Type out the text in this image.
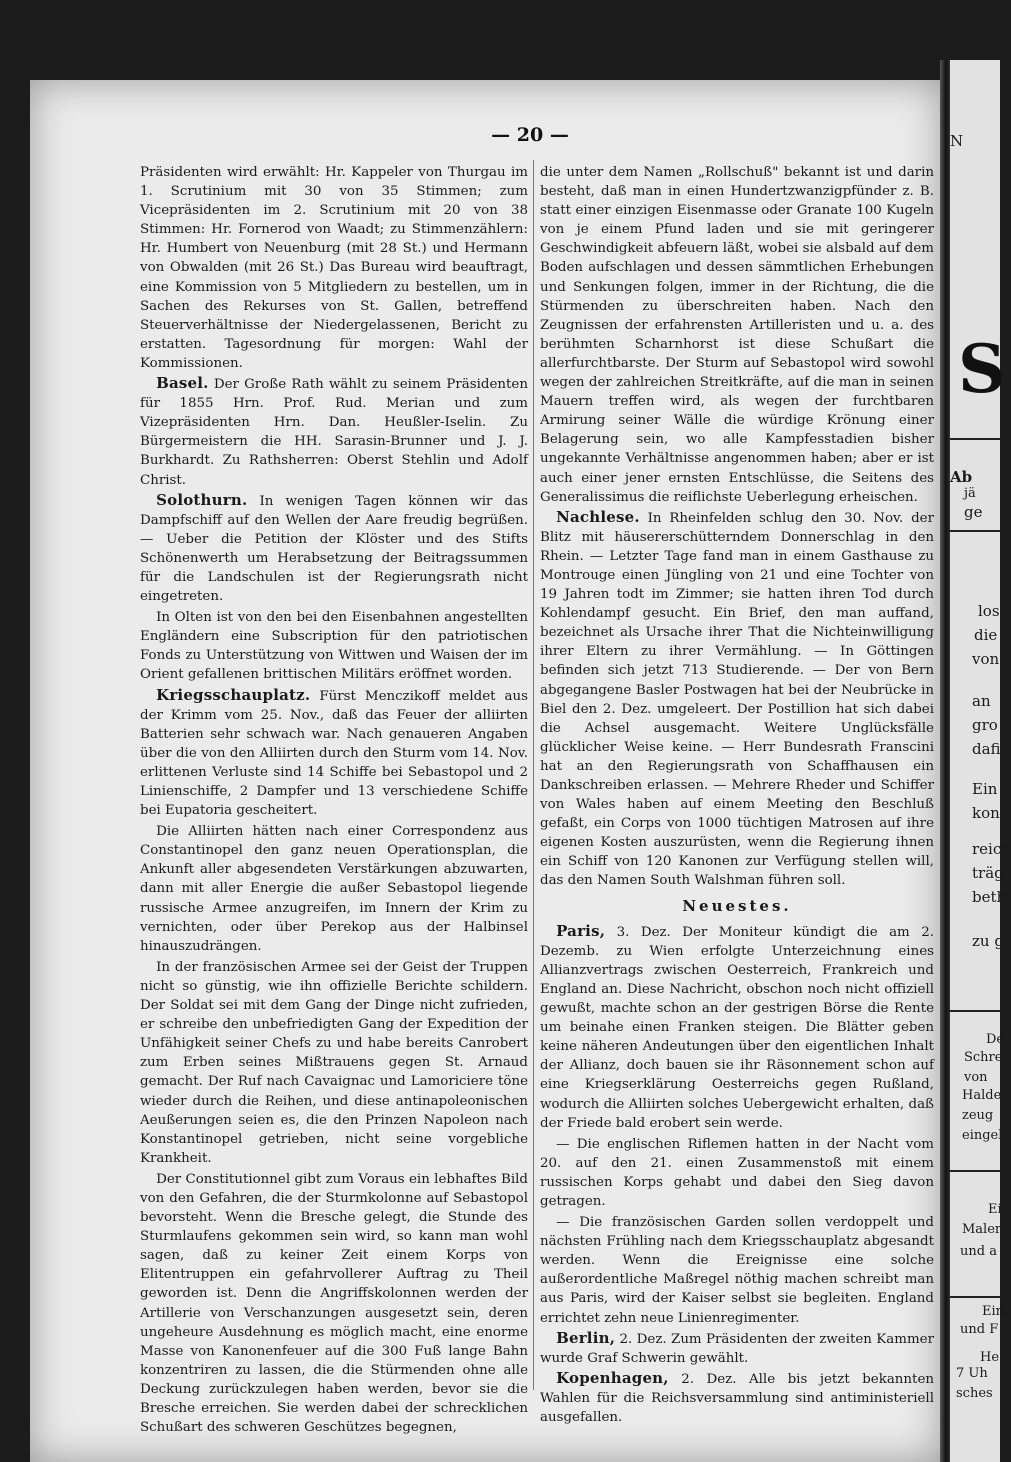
N
S
Ab
jä
ge
losi
die
von
an
gro
dafi
Ein
kon
reich
träg
beth
zu g
De
Schre
von
Halde
zeug
eingel
Ein
Maler
und a
Ein
und F
He
7 Uh
sches
— 20 —

Präsidenten wird erwählt: Hr. Kappeler von Thurgau im 1. Scrutinium mit 30 von 35 Stimmen; zum Vicepräsidenten im 2. Scrutinium mit 20 von 38 Stimmen: Hr. Fornerod von Waadt; zu Stimmenzählern: Hr. Humbert von Neuenburg (mit 28 St.) und Hermann von Obwalden (mit 26 St.) Das Bureau wird beauftragt, eine Kommission von 5 Mitgliedern zu bestellen, um in Sachen des Rekurses von St. Gallen, betreffend Steuerverhältnisse der Niedergelassenen, Bericht zu erstatten. Tagesordnung für morgen: Wahl der Kommissionen.

Basel. Der Große Rath wählt zu seinem Präsidenten für 1855 Hrn. Prof. Rud. Merian und zum Vizepräsidenten Hrn. Dan. Heußler-Iselin. Zu Bürgermeistern die HH. Sarasin-Brunner und J. J. Burkhardt. Zu Rathsherren: Oberst Stehlin und Adolf Christ.

Solothurn. In wenigen Tagen können wir das Dampfschiff auf den Wellen der Aare freudig begrüßen. — Ueber die Petition der Klöster und des Stifts Schönenwerth um Herabsetzung der Beitragssummen für die Landschulen ist der Regierungsrath nicht eingetreten.

In Olten ist von den bei den Eisenbahnen angestellten Engländern eine Subscription für den patriotischen Fonds zu Unterstützung von Wittwen und Waisen der im Orient gefallenen brittischen Militärs eröffnet worden.

Kriegsschauplatz. Fürst Menczikoff meldet aus der Krimm vom 25. Nov., daß das Feuer der alliirten Batterien sehr schwach war. Nach genaueren Angaben über die von den Alliirten durch den Sturm vom 14. Nov. erlittenen Verluste sind 14 Schiffe bei Sebastopol und 2 Linienschiffe, 2 Dampfer und 13 verschiedene Schiffe bei Eupatoria gescheitert.

Die Alliirten hätten nach einer Correspondenz aus Constantinopel den ganz neuen Operationsplan, die Ankunft aller abgesendeten Verstärkungen abzuwarten, dann mit aller Energie die außer Sebastopol liegende russische Armee anzugreifen, im Innern der Krim zu vernichten, oder über Perekop aus der Halbinsel hinauszudrängen.

In der französischen Armee sei der Geist der Truppen nicht so günstig, wie ihn offizielle Berichte schildern. Der Soldat sei mit dem Gang der Dinge nicht zufrieden, er schreibe den unbefriedigten Gang der Expedition der Unfähigkeit seiner Chefs zu und habe bereits Canrobert zum Erben seines Mißtrauens gegen St. Arnaud gemacht. Der Ruf nach Cavaignac und Lamoriciere töne wieder durch die Reihen, und diese antinapoleonischen Aeußerungen seien es, die den Prinzen Napoleon nach Konstantinopel getrieben, nicht seine vorgebliche Krankheit.

Der Constitutionnel gibt zum Voraus ein lebhaftes Bild von den Gefahren, die der Sturmkolonne auf Sebastopol bevorsteht. Wenn die Bresche gelegt, die Stunde des Sturmlaufens gekommen sein wird, so kann man wohl sagen, daß zu keiner Zeit einem Korps von Elitentruppen ein gefahrvollerer Auftrag zu Theil geworden ist. Denn die Angriffskolonnen werden der Artillerie von Verschanzungen ausgesetzt sein, deren ungeheure Ausdehnung es möglich macht, eine enorme Masse von Kanonenfeuer auf die 300 Fuß lange Bahn konzentriren zu lassen, die die Stürmenden ohne alle Deckung zurückzulegen haben werden, bevor sie die Bresche erreichen. Sie werden dabei der schrecklichen Schußart des schweren Geschützes begegnen,

die unter dem Namen „Rollschuß" bekannt ist und darin besteht, daß man in einen Hundertzwanzigpfünder z. B. statt einer einzigen Eisenmasse oder Granate 100 Kugeln von je einem Pfund laden und sie mit geringerer Geschwindigkeit abfeuern läßt, wobei sie alsbald auf dem Boden aufschlagen und dessen sämmtlichen Erhebungen und Senkungen folgen, immer in der Richtung, die die Stürmenden zu überschreiten haben. Nach den Zeugnissen der erfahrensten Artilleristen und u. a. des berühmten Scharnhorst ist diese Schußart die allerfurchtbarste. Der Sturm auf Sebastopol wird sowohl wegen der zahlreichen Streitkräfte, auf die man in seinen Mauern treffen wird, als wegen der furchtbaren Armirung seiner Wälle die würdige Krönung einer Belagerung sein, wo alle Kampfesstadien bisher ungekannte Verhältnisse angenommen haben; aber er ist auch einer jener ernsten Entschlüsse, die Seitens des Generalissimus die reiflichste Ueberlegung erheischen.

Nachlese. In Rheinfelden schlug den 30. Nov. der Blitz mit häusererschütterndem Donnerschlag in den Rhein. — Letzter Tage fand man in einem Gasthause zu Montrouge einen Jüngling von 21 und eine Tochter von 19 Jahren todt im Zimmer; sie hatten ihren Tod durch Kohlendampf gesucht. Ein Brief, den man auffand, bezeichnet als Ursache ihrer That die Nichteinwilligung ihrer Eltern zu ihrer Vermählung. — In Göttingen befinden sich jetzt 713 Studierende. — Der von Bern abgegangene Basler Postwagen hat bei der Neubrücke in Biel den 2. Dez. umgeleert. Der Postillion hat sich dabei die Achsel ausgemacht. Weitere Unglücksfälle glücklicher Weise keine. — Herr Bundesrath Franscini hat an den Regierungsrath von Schaffhausen ein Dankschreiben erlassen. — Mehrere Rheder und Schiffer von Wales haben auf einem Meeting den Beschluß gefaßt, ein Corps von 1000 tüchtigen Matrosen auf ihre eigenen Kosten auszurüsten, wenn die Regierung ihnen ein Schiff von 120 Kanonen zur Verfügung stellen will, das den Namen South Walshman führen soll.

Neuestes.

Paris, 3. Dez. Der Moniteur kündigt die am 2. Dezemb. zu Wien erfolgte Unterzeichnung eines Allianzvertrags zwischen Oesterreich, Frankreich und England an. Diese Nachricht, obschon noch nicht offiziell gewußt, machte schon an der gestrigen Börse die Rente um beinahe einen Franken steigen. Die Blätter geben keine näheren Andeutungen über den eigentlichen Inhalt der Allianz, doch bauen sie ihr Räsonnement schon auf eine Kriegserklärung Oesterreichs gegen Rußland, wodurch die Alliirten solches Uebergewicht erhalten, daß der Friede bald erobert sein werde.

— Die englischen Riflemen hatten in der Nacht vom 20. auf den 21. einen Zusammenstoß mit einem russischen Korps gehabt und dabei den Sieg davon getragen.

— Die französischen Garden sollen verdoppelt und nächsten Frühling nach dem Kriegsschauplatz abgesandt werden. Wenn die Ereignisse eine solche außerordentliche Maßregel nöthig machen schreibt man aus Paris, wird der Kaiser selbst sie begleiten. England errichtet zehn neue Linienregimenter.

Berlin, 2. Dez. Zum Präsidenten der zweiten Kammer wurde Graf Schwerin gewählt.

Kopenhagen, 2. Dez. Alle bis jetzt bekannten Wahlen für die Reichsversammlung sind antiministeriell ausgefallen.
